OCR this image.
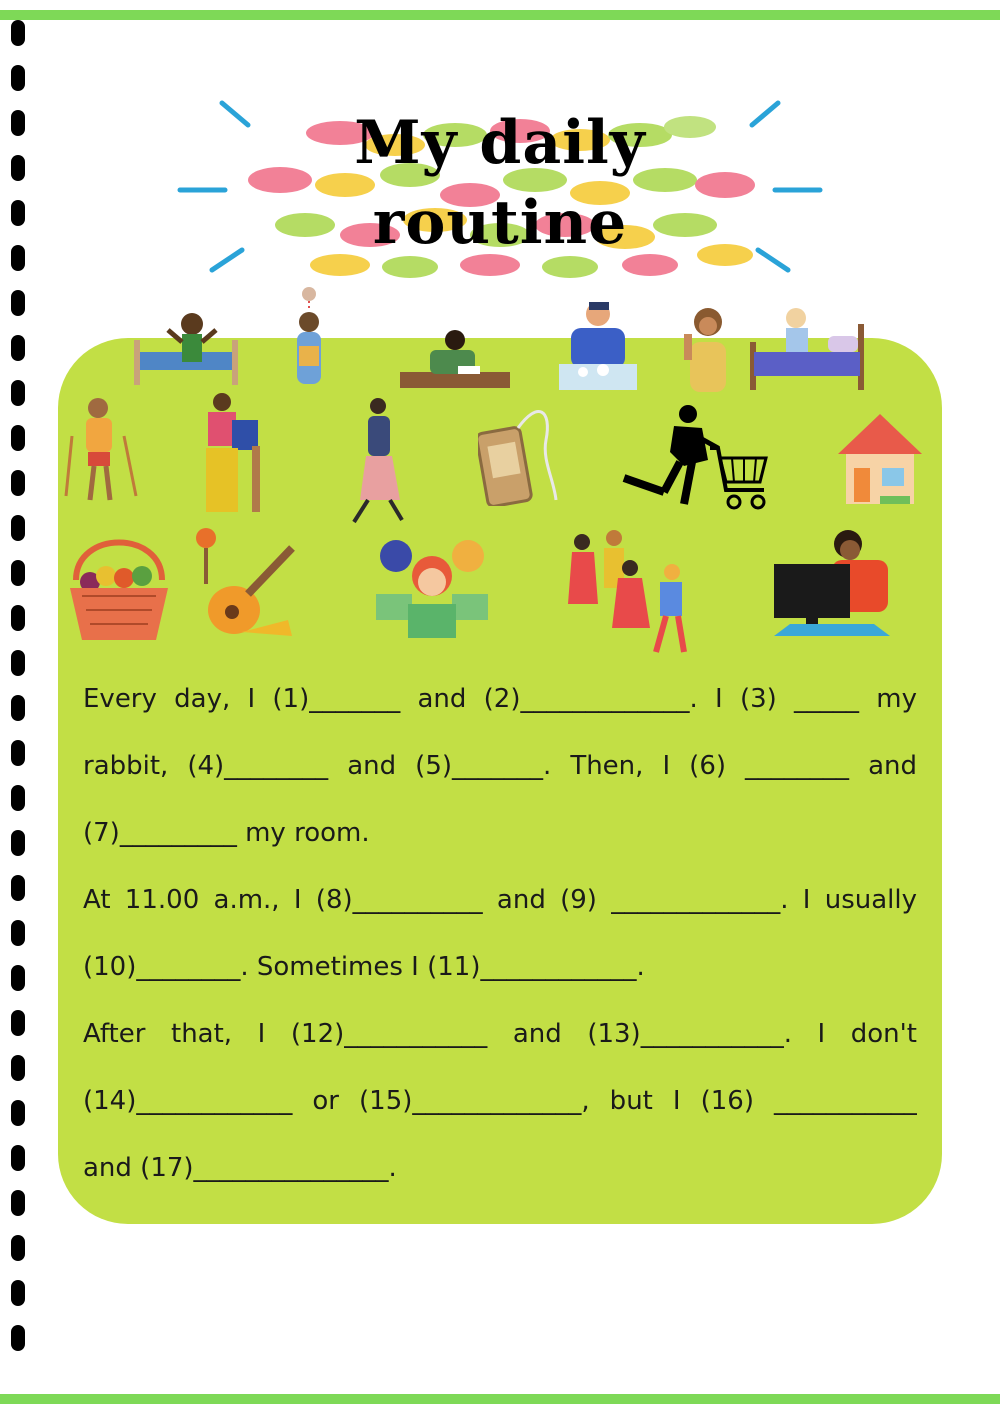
My daily
routine
Every day, I (1)_______ and (2)_____________. I (3) _____ my
rabbit, (4)________ and (5)_______. Then, I (6) ________ and
(7)_________ my room.
At 11.00 a.m., I (8)__________ and (9) _____________. I usually
(10)________. Sometimes I (11)____________.
After that, I (12)___________ and (13)___________. I don't
(14)____________ or (15)_____________, but I (16) ___________
and (17)_______________.
